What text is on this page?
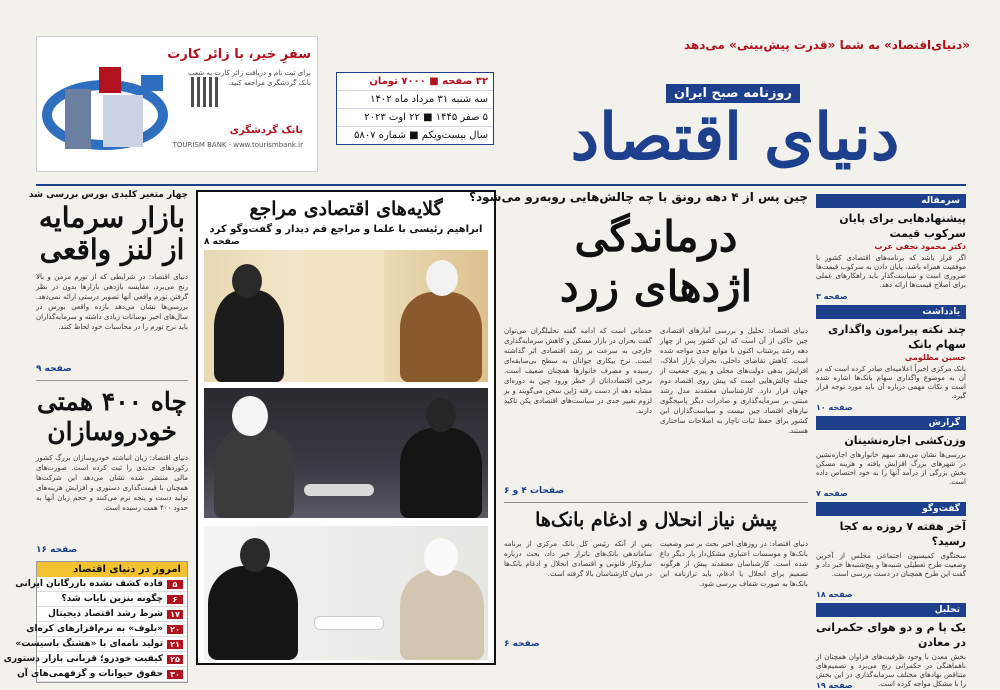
«دنیای‌اقتصاد» به شما «قدرت پیش‌بینی» می‌دهد
روزنامه صبح ایران
دنیای اقتصاد
۳۲ صفحه ■ ۷۰۰۰ تومان
سه شنبه ۳۱ مرداد ماه ۱۴۰۲
۵ صفر ۱۴۴۵ ■ ۲۲ اوت ۲۰۲۳
سال بیست‌ویکم ■ شماره ۵۸۰۷
سفرِ خیر، با زائر کارت
برای ثبت نام و دریافت زائر کارت به شعب بانک گردشگری مراجعه کنید.
بانک گردشگری
TOURISM BANK · www.tourismbank.ir
چهار متغیر کلیدی بورس بررسی شد
بازار سرمایه
از لنز واقعی
دنیای اقتصاد: در شرایطی که از تورم مزمن و بالا رنج می‌برد، مقایسه بازدهی بازارها بدون در نظر گرفتن تورم واقعی آنها تصویر درستی ارائه نمی‌دهد. بررسی‌ها نشان می‌دهد بازده واقعی بورس در سال‌های اخیر نوسانات زیادی داشته و سرمایه‌گذاران باید نرخ تورم را در محاسبات خود لحاظ کنند.
صفحه ۹
چاه ۴۰۰ همتی
خودروسازان
دنیای اقتصاد: زیان انباشته خودروسازان بزرگ کشور رکوردهای جدیدی را ثبت کرده است. صورت‌های مالی منتشر شده نشان می‌دهد این شرکت‌ها همچنان با قیمت‌گذاری دستوری و افزایش هزینه‌های تولید دست و پنجه نرم می‌کنند و حجم زیان آنها به حدود ۴۰۰ همت رسیده است.
صفحه ۱۶
امروز در دنیای اقتصاد
۵
فاده کشف نشده بازرگانان ایرانی
۶
چگونه بنزین نایاب شد؟
۱۷
شرط رشد اقتصاد دیجیتال
۲۰
«بلوف» به نرم‌افزارهای کره‌ای
۲۱
تولید نامه‌ای با «هشتگ باسیست»
۲۵
کیفیت خودرو؛ قربانی بازار دستوری
۳۰
حقوق حیوانات و گزفهمی‌های آن
گلایه‌های اقتصادی مراجع
ابراهیم رئیسی با علما و مراجع قم دیدار و گفت‌وگو کرد
صفحه ۸
چین پس از ۴ دهه رونق با چه چالش‌هایی روبه‌رو می‌شود؟
درماندگی
اژدهای زرد
دنیای اقتصاد: تحلیل و بررسی آمارهای اقتصادی چین حاکی از آن است که این کشور پس از چهار دهه رشد پرشتاب اکنون با موانع جدی مواجه شده است. کاهش تقاضای داخلی، بحران بازار املاک، افزایش بدهی دولت‌های محلی و پیری جمعیت از جمله چالش‌هایی است که پیش روی اقتصاد دوم جهان قرار دارد. کارشناسان معتقدند مدل رشد مبتنی بر سرمایه‌گذاری و صادرات دیگر پاسخگوی نیازهای اقتصاد چین نیست و سیاست‌گذاران این کشور برای حفظ ثبات ناچار به اصلاحات ساختاری هستند.
خدماتی است که ادامه گفته تحلیلگران می‌توان گفت بحران در بازار مسکن و کاهش سرمایه‌گذاری خارجی به سرعت بر رشد اقتصادی اثر گذاشته است. نرخ بیکاری جوانان به سطح بی‌سابقه‌ای رسیده و مصرف خانوارها همچنان ضعیف است. برخی اقتصاددانان از خطر ورود چین به دوره‌ای مشابه دهه از دست رفته ژاپن سخن می‌گویند و بر لزوم تغییر جدی در سیاست‌های اقتصادی پکن تاکید دارند.
صفحات ۴ و ۶
پیش نیاز انحلال و ادغام بانک‌ها
دنیای اقتصاد: در روزهای اخیر بحث بر سر وضعیت بانک‌ها و موسسات اعتباری مشکل‌دار بار دیگر داغ شده است. کارشناسان معتقدند پیش از هرگونه تصمیم برای انحلال یا ادغام، باید ترازنامه این بانک‌ها به صورت شفاف بررسی شود.
پس از آنکه رئیس کل بانک مرکزی از برنامه ساماندهی بانک‌های ناتراز خبر داد، بحث درباره سازوکار قانونی و اقتصادی انحلال و ادغام بانک‌ها در میان کارشناسان بالا گرفته است.
صفحه ۶
سرمقاله
پیشنهادهایی برای پایان سرکوب قیمت
دکتر محمود نجفی عرب
اگر قرار باشد که برنامه‌های اقتصادی کشور با موفقیت همراه باشد، پایان دادن به سرکوب قیمت‌ها ضروری است و سیاست‌گذار باید راهکارهای عملی برای اصلاح قیمت‌ها ارائه دهد.
صفحه ۳
یادداشت
چند نکته پیرامون واگذاری سهام بانک
حسین مظلومی
بانک مرکزی اخیراً اعلامیه‌ای صادر کرده است که در آن به موضوع واگذاری سهام بانک‌ها اشاره شده است و نکات مهمی درباره آن باید مورد توجه قرار گیرد.
صفحه ۱۰
گزارش
وزن‌کشی اجاره‌نشینان
بررسی‌ها نشان می‌دهد سهم خانوارهای اجاره‌نشین در شهرهای بزرگ افزایش یافته و هزینه مسکن بخش بزرگی از درآمد آنها را به خود اختصاص داده است.
صفحه ۷
گفت‌وگو
آخر هفته ۷ روزه به کجا رسید؟
سخنگوی کمیسیون اجتماعی مجلس از آخرین وضعیت طرح تعطیلی شنبه‌ها و پنج‌شنبه‌ها خبر داد و گفت این طرح همچنان در دست بررسی است.
صفحه ۱۸
تحلیل
یک پا م و دو هوای حکمرانی در معادن
بخش معدن با وجود ظرفیت‌های فراوان همچنان از ناهماهنگی در حکمرانی رنج می‌برد و تصمیم‌های متناقض نهادهای مختلف سرمایه‌گذاری در این بخش را با مشکل مواجه کرده است.
صفحه ۱۹
